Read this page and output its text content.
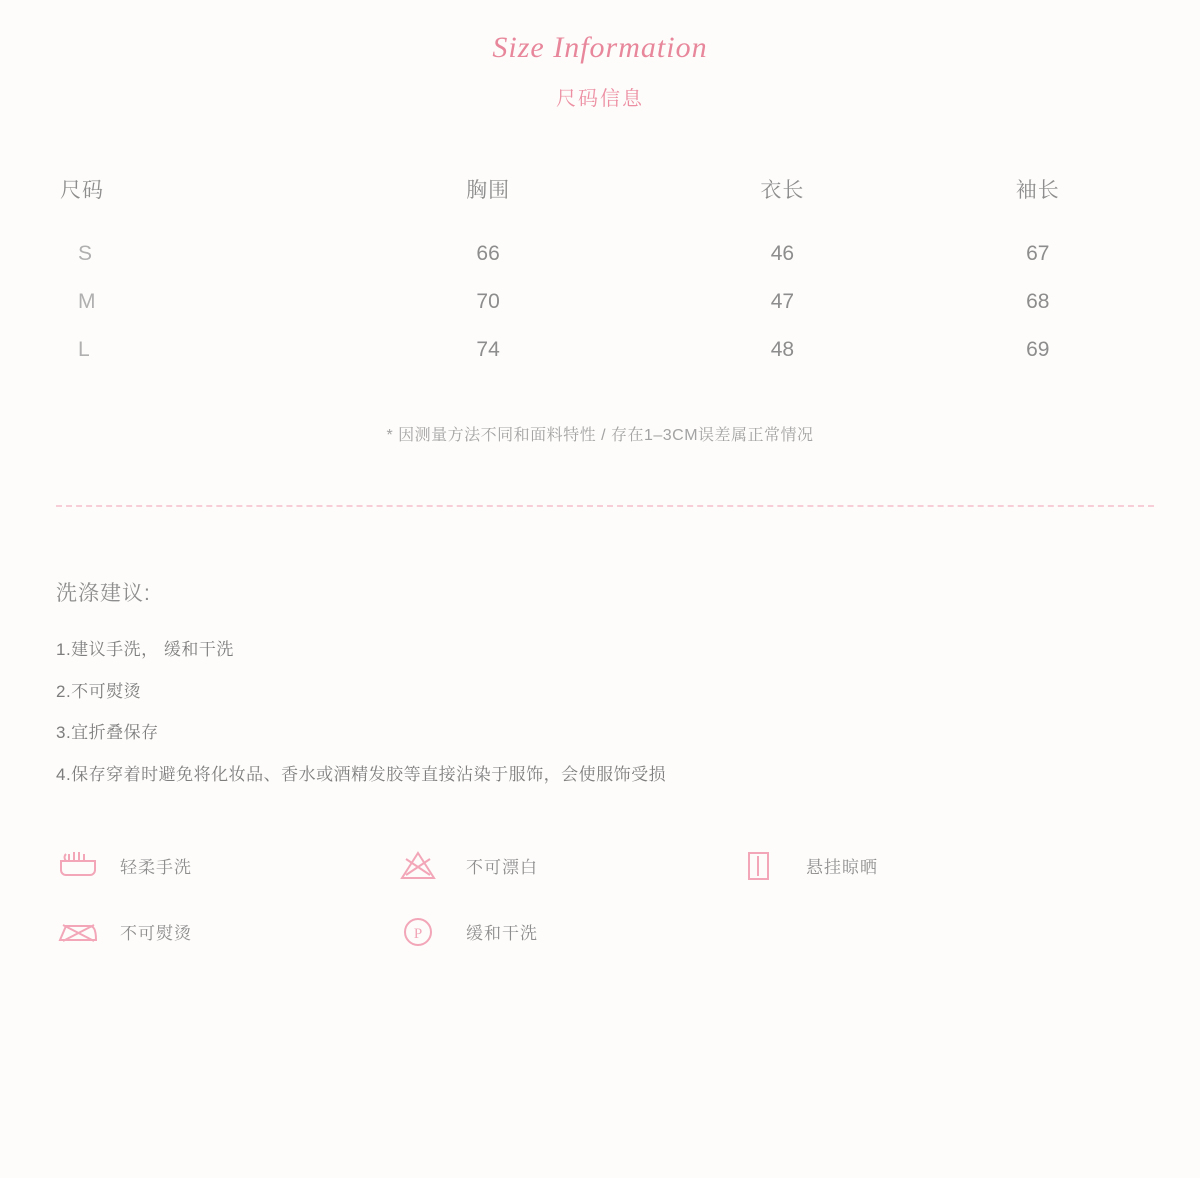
Size Information
尺码信息
尺码	胸围	衣长	袖长
S	66	46	67
M	70	47	68
L	74	48	69
* 因测量方法不同和面料特性 / 存在1–3CM误差属正常情况
洗涤建议:
1.建议手洗， 缓和干洗
2.不可熨烫
3.宜折叠保存
4.保存穿着时避免将化妆品、香水或酒精发胶等直接沾染于服饰，会使服饰受损
轻柔手洗	不可漂白	悬挂晾晒
不可熨烫	P	缓和干洗
